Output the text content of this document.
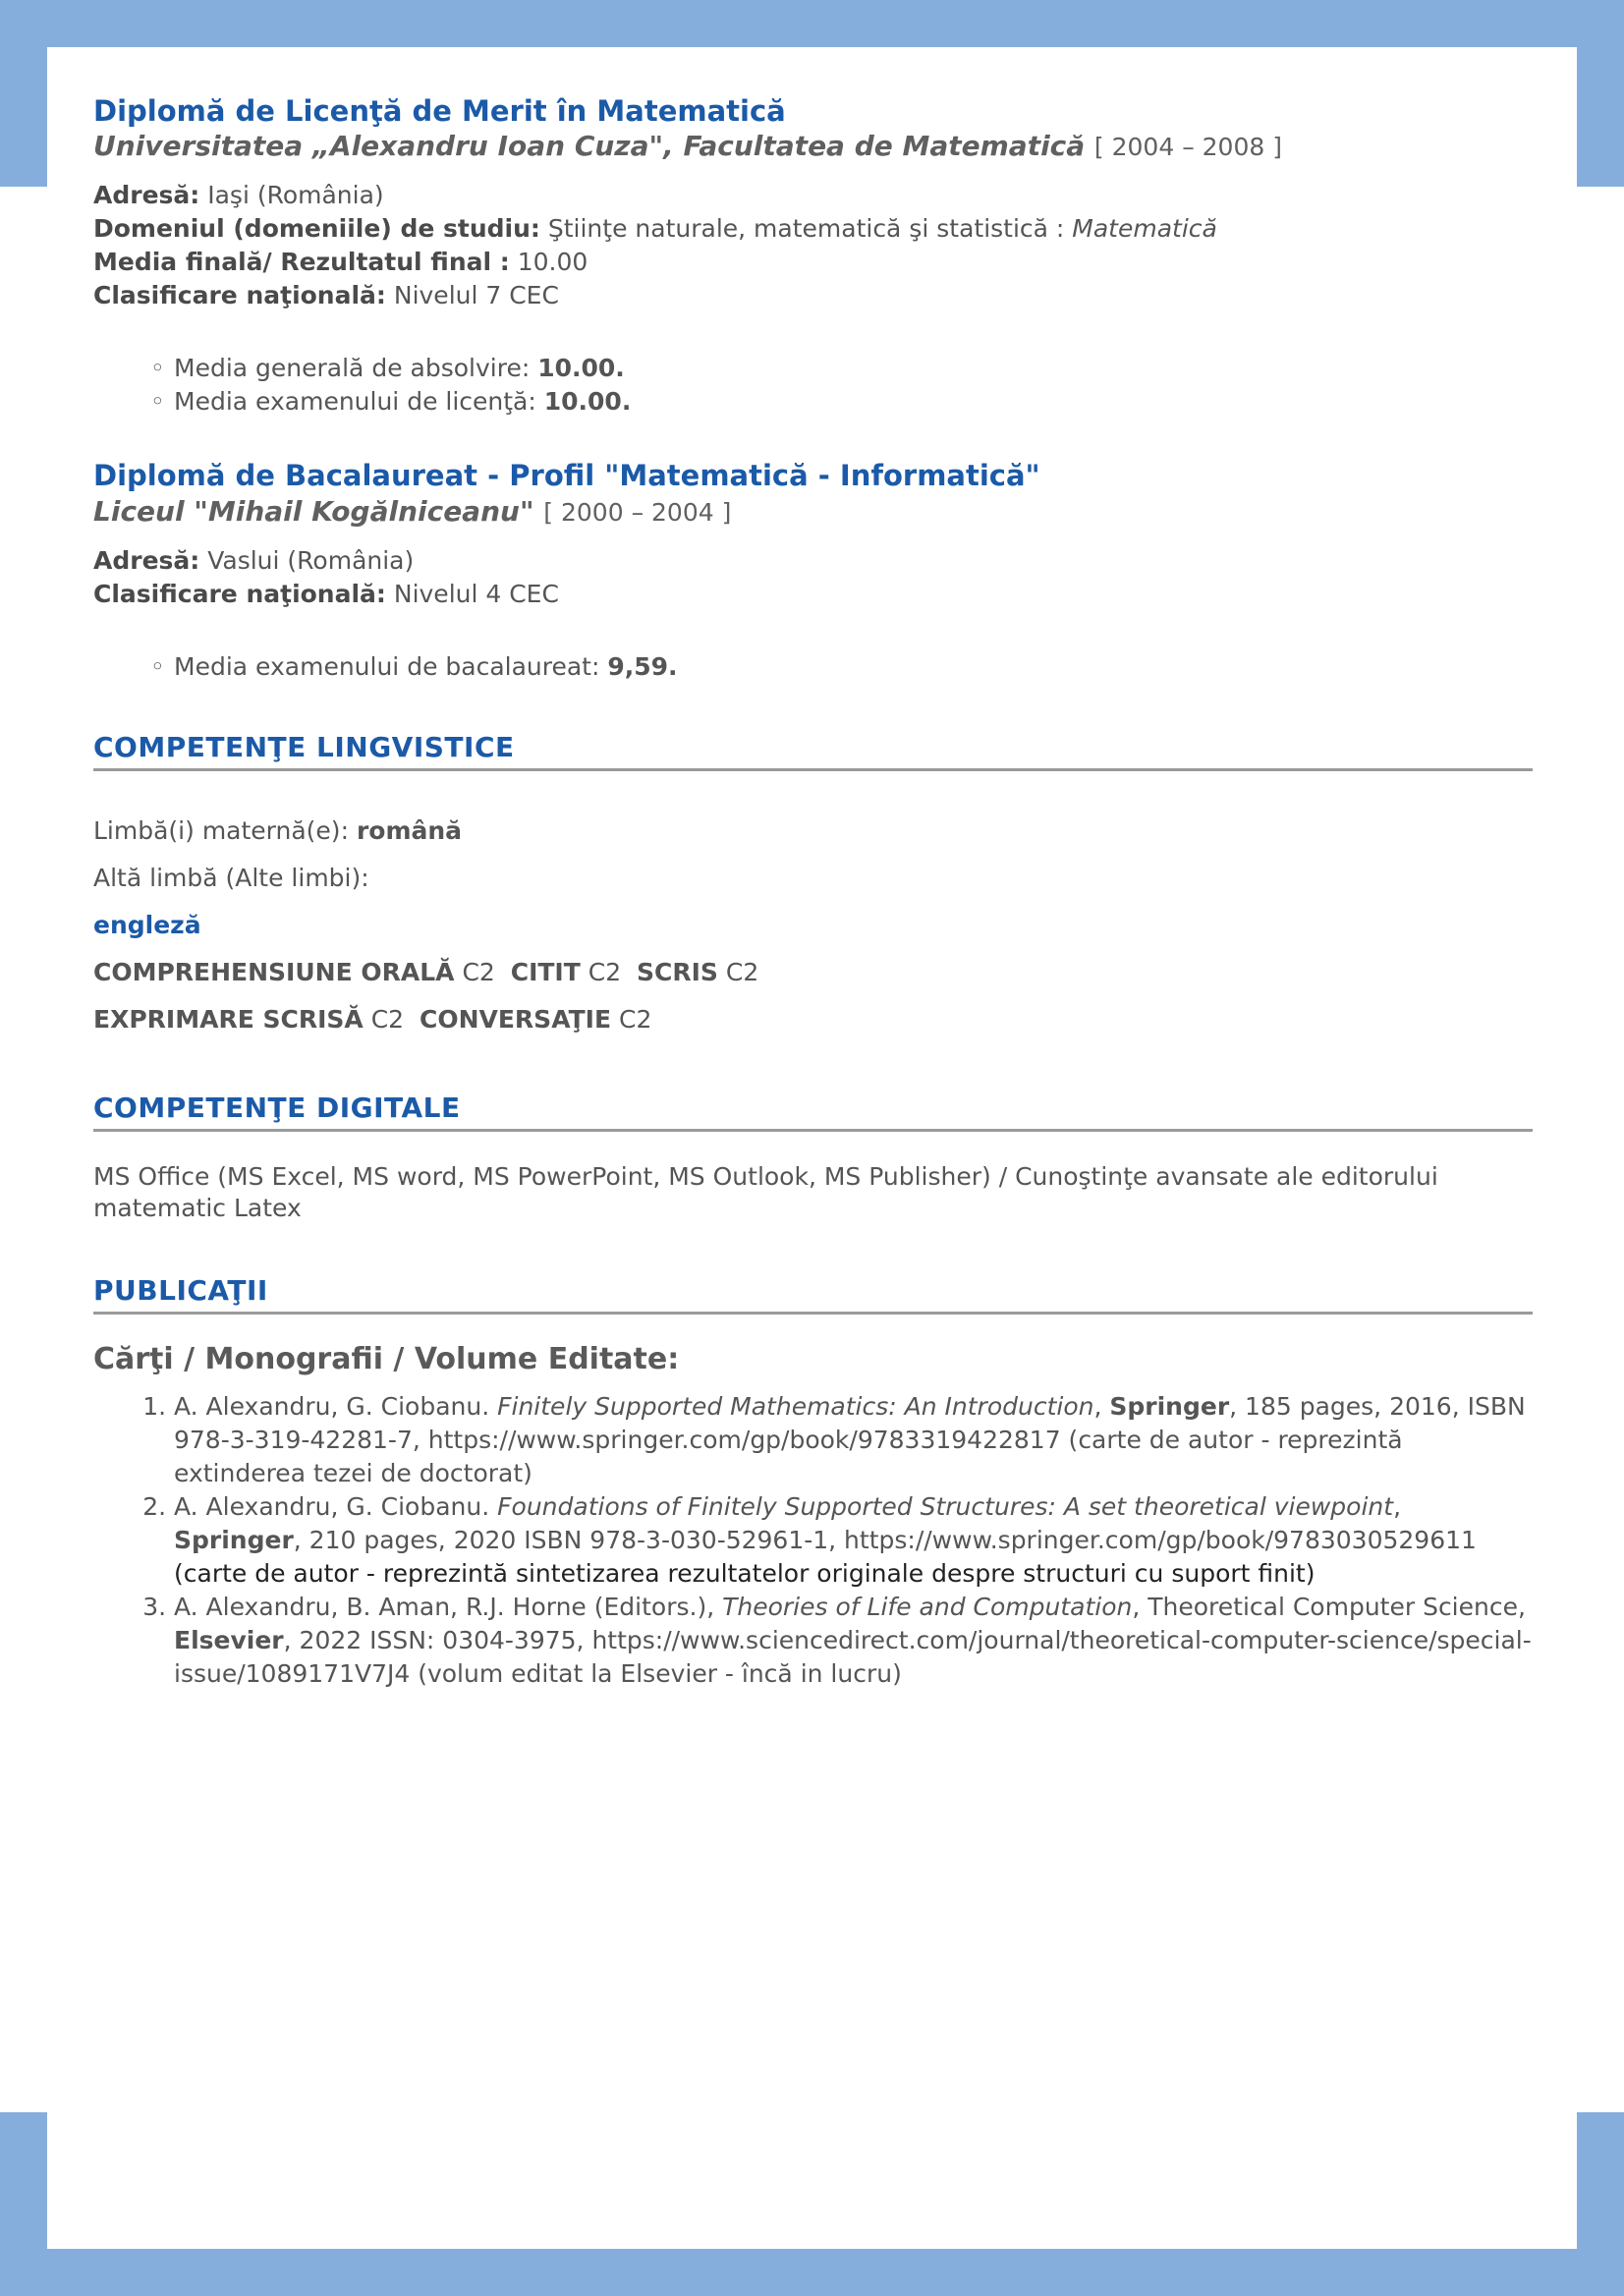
Diplomă de Licenţă de Merit în Matematică
Universitatea „Alexandru Ioan Cuza", Facultatea de Matematică [ 2004 – 2008 ]
Adresă: Iaşi (România)
Domeniul (domeniile) de studiu: Ştiinţe naturale, matematică şi statistică : Matematică
Media finală/ Rezultatul final : 10.00
Clasificare naţională: Nivelul 7 CEC
◦ Media generală de absolvire: 10.00.
◦ Media examenului de licenţă: 10.00.
Diplomă de Bacalaureat - Profil "Matematică - Informatică"
Liceul "Mihail Kogălniceanu" [ 2000 – 2004 ]
Adresă: Vaslui (România)
Clasificare naţională: Nivelul 4 CEC
◦ Media examenului de bacalaureat: 9,59.
COMPETENŢE LINGVISTICE
Limbă(i) maternă(e): română
Altă limbă (Alte limbi):
engleză
COMPREHENSIUNE ORALĂ C2 CITIT C2 SCRIS C2
EXPRIMARE SCRISĂ C2 CONVERSAŢIE C2
COMPETENŢE DIGITALE
MS Office (MS Excel, MS word, MS PowerPoint, MS Outlook, MS Publisher) / Cunoştinţe avansate ale editorului matematic Latex
PUBLICAŢII
Cărţi / Monografii / Volume Editate:
1. A. Alexandru, G. Ciobanu. Finitely Supported Mathematics: An Introduction, Springer, 185 pages, 2016, ISBN 978-3-319-42281-7, https://www.springer.com/gp/book/9783319422817 (carte de autor - reprezintă extinderea tezei de doctorat)
2. A. Alexandru, G. Ciobanu. Foundations of Finitely Supported Structures: A set theoretical viewpoint, Springer, 210 pages, 2020 ISBN 978-3-030-52961-1, https://www.springer.com/gp/book/9783030529611 (carte de autor - reprezintă sintetizarea rezultatelor originale despre structuri cu suport finit)
3. A. Alexandru, B. Aman, R.J. Horne (Editors.), Theories of Life and Computation, Theoretical Computer Science, Elsevier, 2022 ISSN: 0304-3975, https://www.sciencedirect.com/journal/theoretical-computer-science/special-issue/1089171V7J4 (volum editat la Elsevier - încă in lucru)
